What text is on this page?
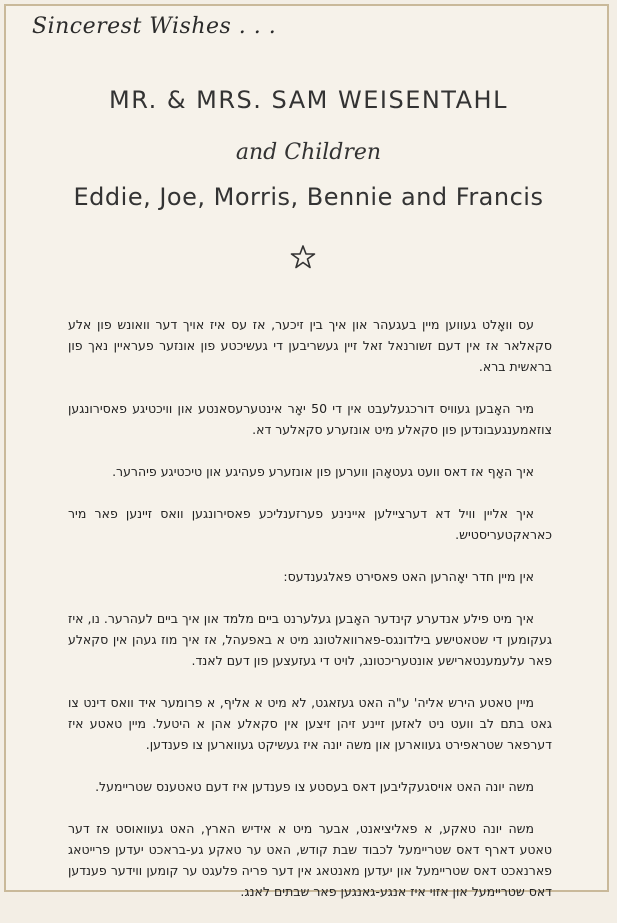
Sincerest Wishes . . .
MR. & MRS. SAM WEISENTAHL
and Children
Eddie, Joe, Morris, Bennie and Francis

עס וואָלט געווען מיין בעגעהר און איך בין זיכער, אז עס איז אויך דער וואונש פון אלע סקאלאר אז אין דעם זשורנאל זאל זיין געשריבען די געשיכטע פון אונזער פעראיין נאך פון בראשית ברא.

מיר האָבען געוויס דורכגעלעבט אין די 50 יאָר אינטערעסאנטע און וויכטיגע פאסירונגען צוזאמענגעבונדען פון סקאלע מיט אונזערע סקאלער דא.

איך האָף אז דאס וועט געטאָהן ווערען פון אונזערע פעהיגע און טיכטיגע פיהרער.

איך אליין וויל דא דערציילען איינינע פערזענליכע פאסירונגען וואס זיינען פאר מיר כאראקטעריסטיש.

אין מיין חדר יאָהרען האט פאסירט פאלגענדעס:

איך מיט פילע אנדערע קינדער האָבען געלערנט ביים מלמד און איך ביים לעהרער. נו, איז געקומען די שטאטישע בילדונגס-פארוואלטונג מיט א באפעהל, אז איך מוז געהן אין סקאלע פאר עלעמענטארישע אונטעריכטונג, לויט די געזעצען פון דעם לאנד.

מיין טאטע הירש אליה' ע"ה האט געזאגט, לא מיט א אליף, א פרומער איד וואס דינט צו גאט בתם לב וועט ניט לאזען זיינע זיהן זיצען אין סקאלע אהן א היטעל. מיין טאטע איז דערפאר שטראפירט געווארען און משה יונה איז געשיקט געווארען צו פענדען.

משה יונה האט אויסגעקליבען דאס בעסטע צו פענדען איז דעם טאטענס שטריימעל.

משה יונה טאקע, א פאליציאנט, אבער מיט א אידיש הארץ, האט געוואוסט אז דער טאטע דארף דאס שטריימעל לכבוד שבת קודש, האט ער טאקע גע-בראכט יעדען פרייטאג פארנאכט דאס שטריימעל און יעדען מאנטאג אין דער פריה פלעגט ער קומען ווידער פענדען דאס שטריימעל און אזוי איז אנגע-גאנגען פאר שבתים לאנג.
